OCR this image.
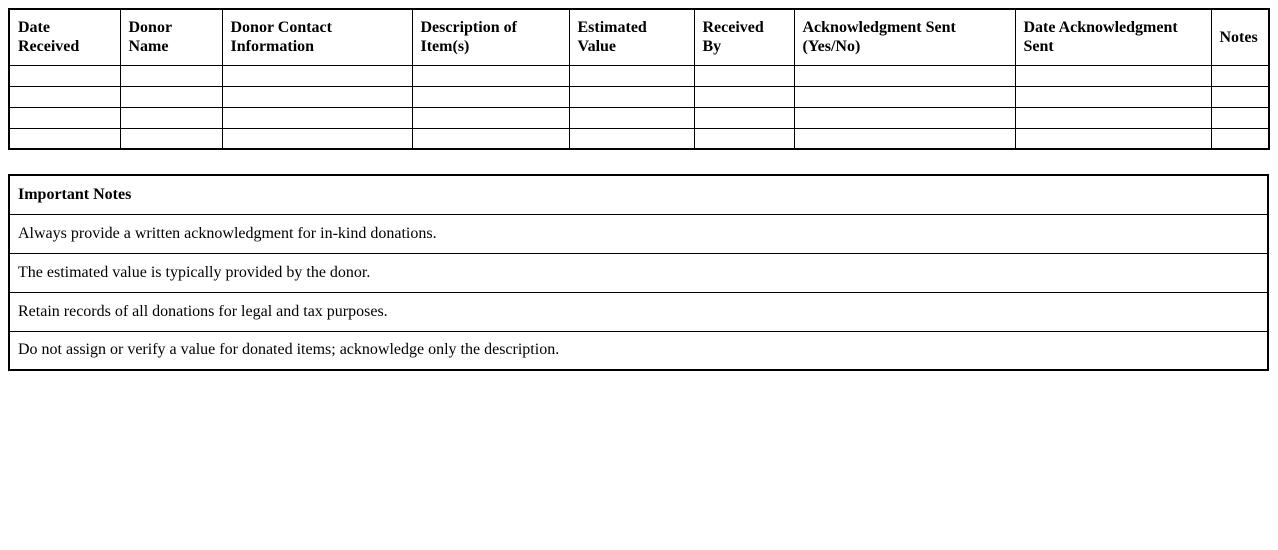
Date Received	Donor Name	Donor Contact Information	Description of Item(s)	Estimated Value	Received By	Acknowledgment Sent (Yes/No)	Date Acknowledgment Sent	Notes

Important Notes
Always provide a written acknowledgment for in-kind donations.
The estimated value is typically provided by the donor.
Retain records of all donations for legal and tax purposes.
Do not assign or verify a value for donated items; acknowledge only the description.
